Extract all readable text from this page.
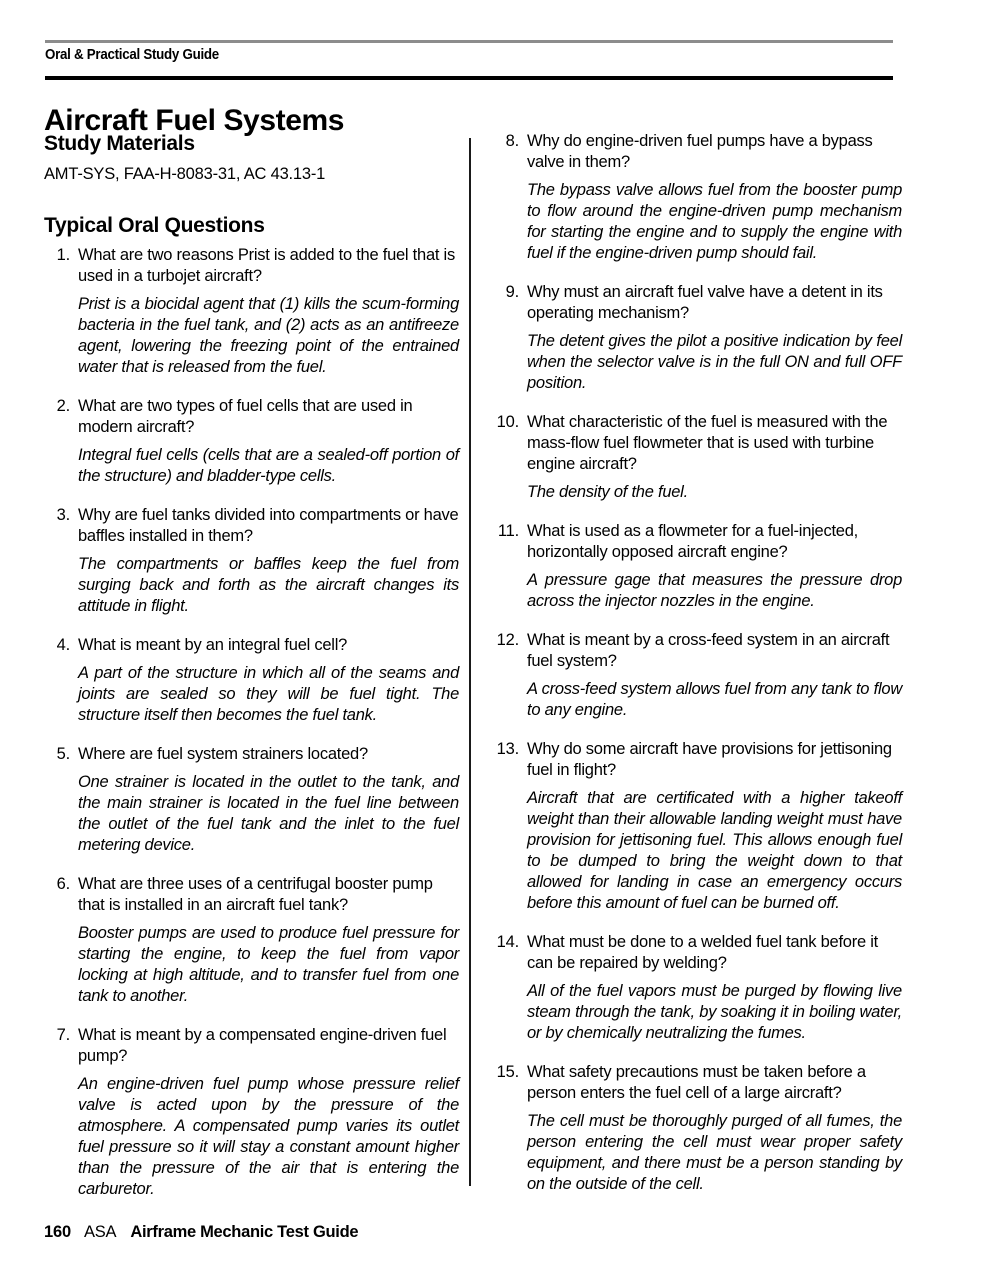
Oral & Practical Study Guide
Aircraft Fuel Systems
Study Materials
AMT-SYS, FAA-H-8083-31, AC 43.13-1
Typical Oral Questions
1. What are two reasons Prist is added to the fuel that is used in a turbojet aircraft?
Prist is a biocidal agent that (1) kills the scum-forming bacteria in the fuel tank, and (2) acts as an antifreeze agent, lowering the freezing point of the entrained water that is released from the fuel.
2. What are two types of fuel cells that are used in modern aircraft?
Integral fuel cells (cells that are a sealed-off portion of the structure) and bladder-type cells.
3. Why are fuel tanks divided into compartments or have baffles installed in them?
The compartments or baffles keep the fuel from surging back and forth as the aircraft changes its attitude in flight.
4. What is meant by an integral fuel cell?
A part of the structure in which all of the seams and joints are sealed so they will be fuel tight. The structure itself then becomes the fuel tank.
5. Where are fuel system strainers located?
One strainer is located in the outlet to the tank, and the main strainer is located in the fuel line between the outlet of the fuel tank and the inlet to the fuel metering device.
6. What are three uses of a centrifugal booster pump that is installed in an aircraft fuel tank?
Booster pumps are used to produce fuel pressure for starting the engine, to keep the fuel from vapor locking at high altitude, and to transfer fuel from one tank to another.
7. What is meant by a compensated engine-driven fuel pump?
An engine-driven fuel pump whose pressure relief valve is acted upon by the pressure of the atmosphere. A compensated pump varies its outlet fuel pressure so it will stay a constant amount higher than the pressure of the air that is entering the carburetor.
8. Why do engine-driven fuel pumps have a bypass valve in them?
The bypass valve allows fuel from the booster pump to flow around the engine-driven pump mechanism for starting the engine and to supply the engine with fuel if the engine-driven pump should fail.
9. Why must an aircraft fuel valve have a detent in its operating mechanism?
The detent gives the pilot a positive indication by feel when the selector valve is in the full ON and full OFF position.
10. What characteristic of the fuel is measured with the mass-flow fuel flowmeter that is used with turbine engine aircraft?
The density of the fuel.
11. What is used as a flowmeter for a fuel-injected, horizontally opposed aircraft engine?
A pressure gage that measures the pressure drop across the injector nozzles in the engine.
12. What is meant by a cross-feed system in an aircraft fuel system?
A cross-feed system allows fuel from any tank to flow to any engine.
13. Why do some aircraft have provisions for jettisoning fuel in flight?
Aircraft that are certificated with a higher takeoff weight than their allowable landing weight must have provision for jettisoning fuel. This allows enough fuel to be dumped to bring the weight down to that allowed for landing in case an emergency occurs before this amount of fuel can be burned off.
14. What must be done to a welded fuel tank before it can be repaired by welding?
All of the fuel vapors must be purged by flowing live steam through the tank, by soaking it in boiling water, or by chemically neutralizing the fumes.
15. What safety precautions must be taken before a person enters the fuel cell of a large aircraft?
The cell must be thoroughly purged of all fumes, the person entering the cell must wear proper safety equipment, and there must be a person standing by on the outside of the cell.
160 ASA Airframe Mechanic Test Guide
